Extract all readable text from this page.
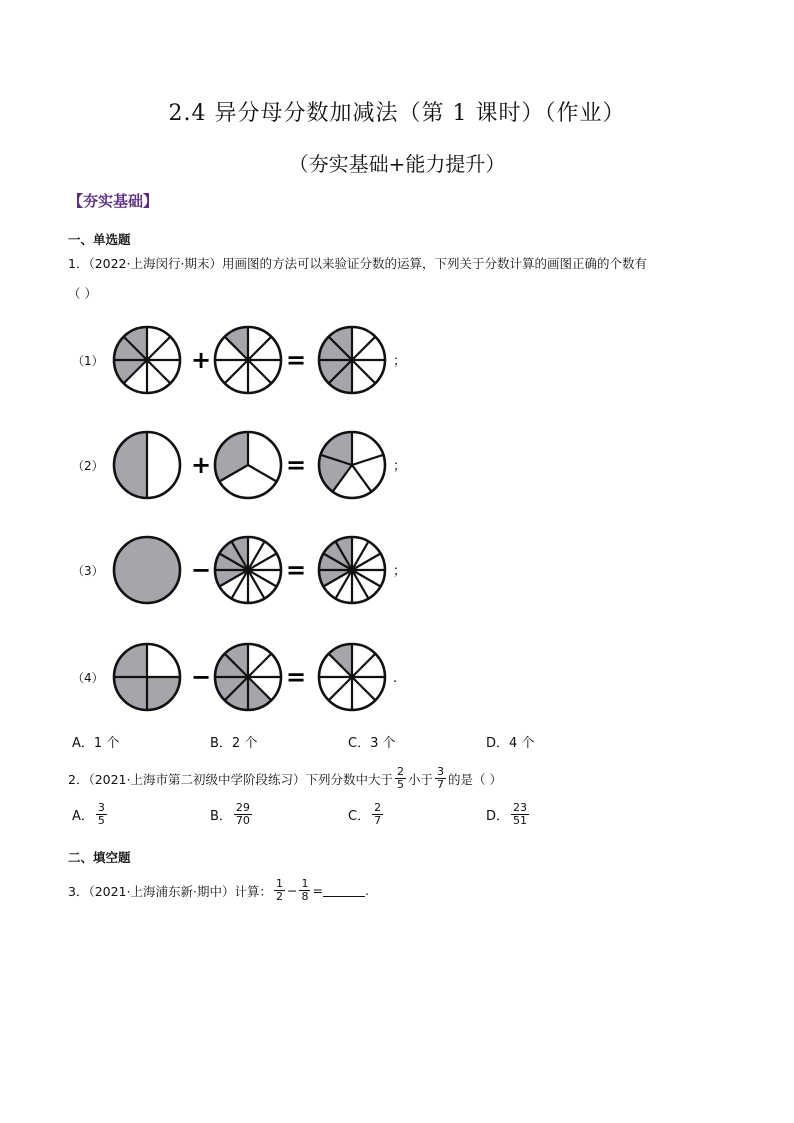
2.4 异分母分数加减法（第 1 课时）（作业）
（夯实基础+能力提升）
【夯实基础】
一、单选题
1．（2022·上海闵行·期末）用画图的方法可以来验证分数的运算，下列关于分数计算的画图正确的个数有
（ ）
（1）	+	=	；
（2）	+	=	；
（3）	−	=	；
（4）	−	=	.
A．1 个	B．2 个	C．3 个	D．4 个
2．（2021·上海市第二初级中学阶段练习）下列分数中大于 $\frac{2}{5}$ 小于 $\frac{3}{7}$ 的是（ ）
A． $\frac{3}{5}$	B． $\frac{29}{70}$	C． $\frac{2}{7}$	D． $\frac{23}{51}$
二、填空题
3．（2021·上海浦东新·期中）计算： $\frac{1}{2} - \frac{1}{8}$ =	.
